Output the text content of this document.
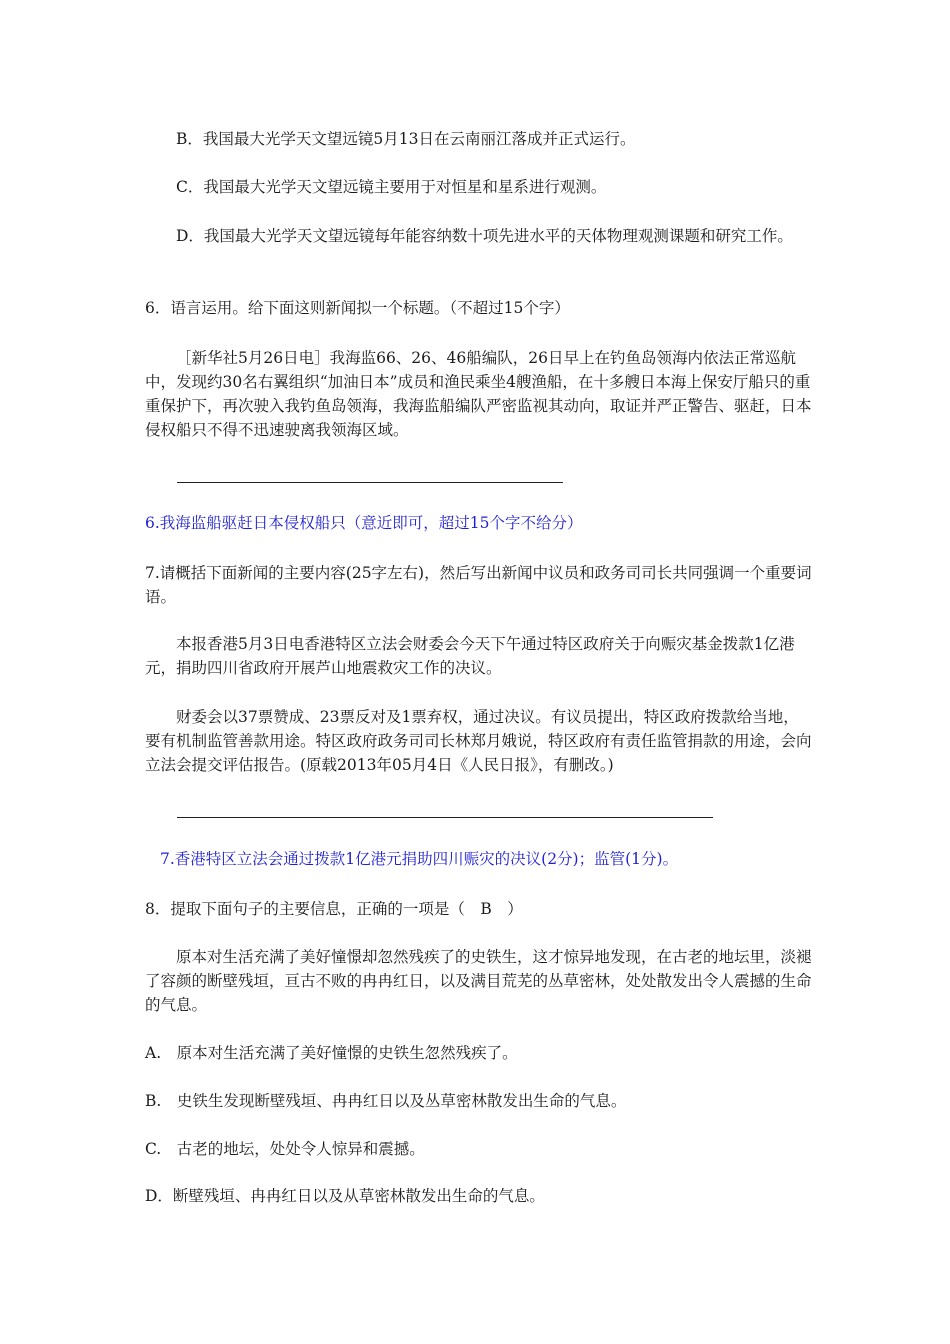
B．我国最大光学天文望远镜5月13日在云南丽江落成并正式运行。

C．我国最大光学天文望远镜主要用于对恒星和星系进行观测。

D．我国最大光学天文望远镜每年能容纳数十项先进水平的天体物理观测课题和研究工作。

6．语言运用。给下面这则新闻拟一个标题。（不超过15个字）

［新华社5月26日电］我海监66、26、46船编队，26日早上在钓鱼岛领海内依法正常巡航中，发现约30名右翼组织“加油日本”成员和渔民乘坐4艘渔船，在十多艘日本海上保安厅船只的重重保护下，再次驶入我钓鱼岛领海，我海监船编队严密监视其动向，取证并严正警告、驱赶，日本侵权船只不得不迅速驶离我领海区域。

6.我海监船驱赶日本侵权船只（意近即可，超过15个字不给分）

7.请概括下面新闻的主要内容(25字左右)，然后写出新闻中议员和政务司司长共同强调一个重要词语。

本报香港5月3日电香港特区立法会财委会今天下午通过特区政府关于向赈灾基金拨款1亿港元，捐助四川省政府开展芦山地震救灾工作的决议。

财委会以37票赞成、23票反对及1票弃权，通过决议。有议员提出，特区政府拨款给当地，要有机制监管善款用途。特区政府政务司司长林郑月娥说，特区政府有责任监管捐款的用途，会向立法会提交评估报告。(原载2013年05月4日《人民日报》，有删改。)

7.香港特区立法会通过拨款1亿港元捐助四川赈灾的决议(2分)；监管(1分)。

8．提取下面句子的主要信息，正确的一项是（　B　）

原本对生活充满了美好憧憬却忽然残疾了的史铁生，这才惊异地发现，在古老的地坛里，淡褪了容颜的断壁残垣，亘古不败的冉冉红日，以及满目荒芜的丛草密林，处处散发出令人震撼的生命的气息。

A.　原本对生活充满了美好憧憬的史铁生忽然残疾了。

B.　史铁生发现断壁残垣、冉冉红日以及丛草密林散发出生命的气息。

C.　古老的地坛，处处令人惊异和震撼。

D．断壁残垣、冉冉红日以及从草密林散发出生命的气息。
